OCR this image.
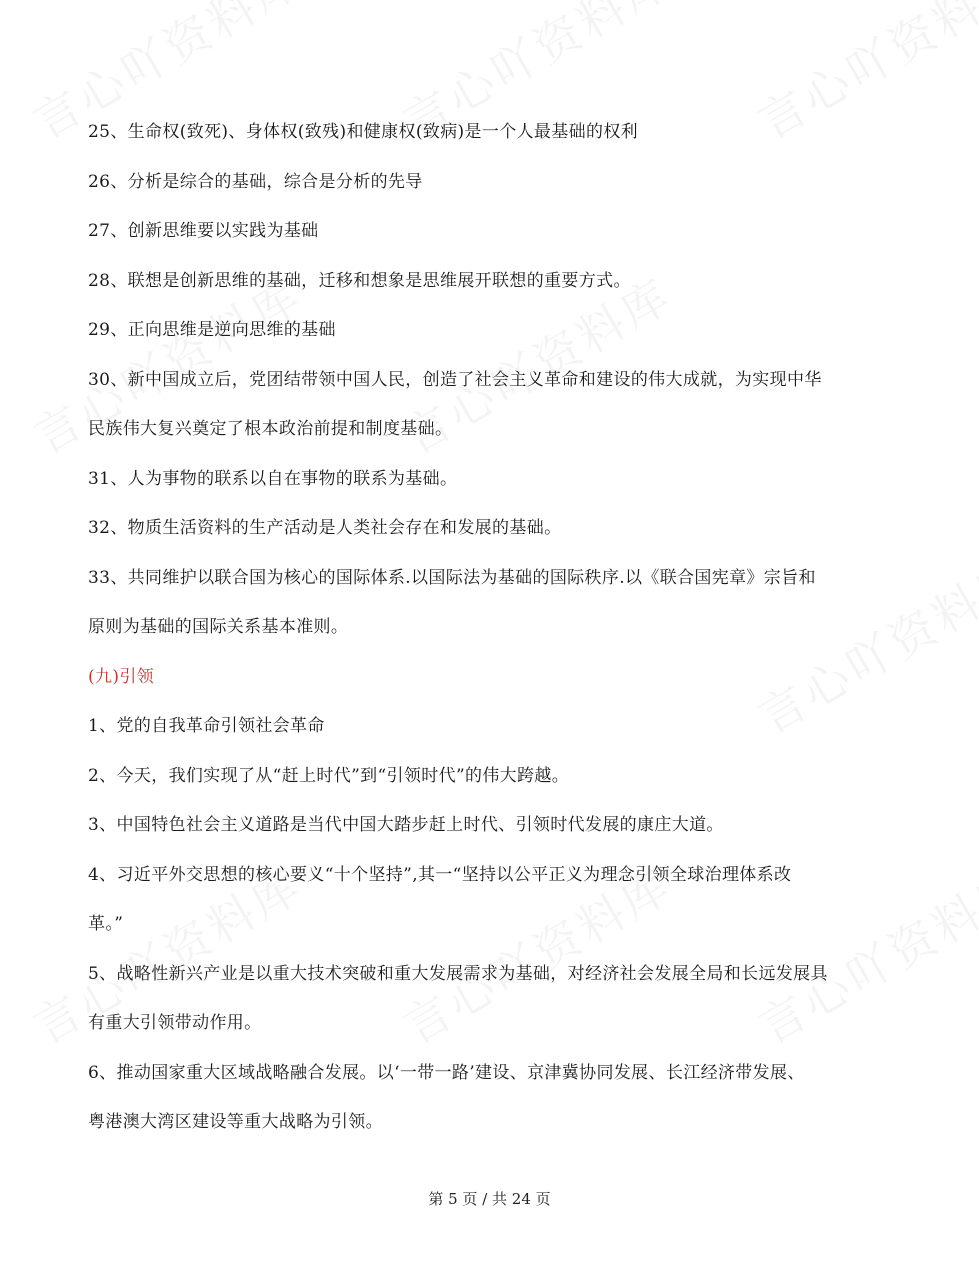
25、生命权(致死)、身体权(致残)和健康权(致病)是一个人最基础的权利
26、分析是综合的基础，综合是分析的先导
27、创新思维要以实践为基础
28、联想是创新思维的基础，迁移和想象是思维展开联想的重要方式。
29、正向思维是逆向思维的基础
30、新中国成立后，党团结带领中国人民，创造了社会主义革命和建设的伟大成就，为实现中华
民族伟大复兴奠定了根本政治前提和制度基础。
31、人为事物的联系以自在事物的联系为基础。
32、物质生活资料的生产活动是人类社会存在和发展的基础。
33、共同维护以联合国为核心的国际体系.以国际法为基础的国际秩序.以《联合国宪章》宗旨和
原则为基础的国际关系基本准则。
(九)引领
1、党的自我革命引领社会革命
2、今天，我们实现了从“赶上时代”到“引领时代”的伟大跨越。
3、中国特色社会主义道路是当代中国大踏步赶上时代、引领时代发展的康庄大道。
4、习近平外交思想的核心要义“十个坚持”,其一“坚持以公平正义为理念引领全球治理体系改
革。”
5、战略性新兴产业是以重大技术突破和重大发展需求为基础，对经济社会发展全局和长远发展具
有重大引领带动作用。
6、推动国家重大区域战略融合发展。以‘一带一路’建设、京津冀协同发展、长江经济带发展、
粤港澳大湾区建设等重大战略为引领。
第 5 页 / 共 24 页
